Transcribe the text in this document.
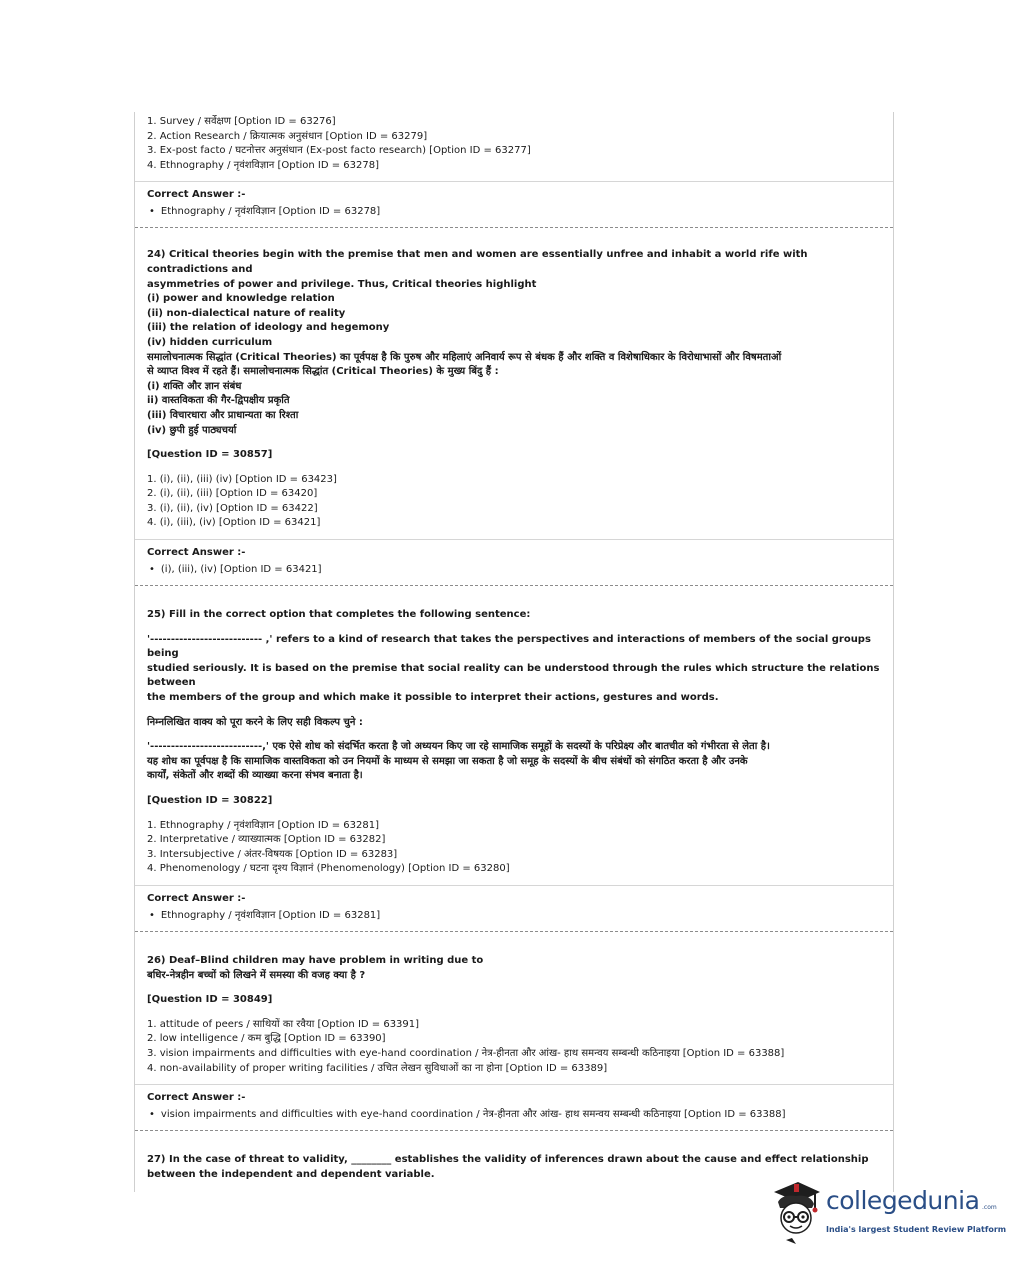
1. Survey / सर्वेक्षण [Option ID = 63276]
2. Action Research / क्रियात्मक अनुसंधान [Option ID = 63279]
3. Ex-post facto / घटनोत्तर अनुसंधान (Ex-post facto research) [Option ID = 63277]
4. Ethnography / नृवंशविज्ञान [Option ID = 63278]
Correct Answer :-
• Ethnography / नृवंशविज्ञान [Option ID = 63278]
24) Critical theories begin with the premise that men and women are essentially unfree and inhabit a world rife with contradictions and
asymmetries of power and privilege. Thus, Critical theories highlight
(i) power and knowledge relation
(ii) non-dialectical nature of reality
(iii) the relation of ideology and hegemony
(iv) hidden curriculum
समालोचनात्मक सिद्धांत (Critical Theories) का पूर्वपक्ष है कि पुरुष और महिलाएं अनिवार्य रूप से बंधक हैं और शक्ति व विशेषाधिकार के विरोधाभासों और विषमताओं
से व्याप्त विश्व में रहते हैं। समालोचनात्मक सिद्धांत (Critical Theories) के मुख्य बिंदु हैं :
(i) शक्ति और ज्ञान संबंध
ii) वास्तविकता की गैर-द्विपक्षीय प्रकृति
(iii) विचारधारा और प्राधान्यता का रिश्ता
(iv) छुपी हुई पाठ्यचर्या
[Question ID = 30857]
1. (i), (ii), (iii) (iv) [Option ID = 63423]
2. (i), (ii), (iii) [Option ID = 63420]
3. (i), (ii), (iv) [Option ID = 63422]
4. (i), (iii), (iv) [Option ID = 63421]
Correct Answer :-
• (i), (iii), (iv) [Option ID = 63421]
25) Fill in the correct option that completes the following sentence:
'--------------------------- ,' refers to a kind of research that takes the perspectives and interactions of members of the social groups being
studied seriously. It is based on the premise that social reality can be understood through the rules which structure the relations between
the members of the group and which make it possible to interpret their actions, gestures and words.
निम्नलिखित वाक्य को पूरा करने के लिए सही विकल्प चुने :
'---------------------------,' एक ऐसे शोध को संदर्भित करता है जो अध्ययन किए जा रहे सामाजिक समूहों के सदस्यों के परिप्रेक्ष्य और बातचीत को गंभीरता से लेता है।
यह शोध का पूर्वपक्ष है कि सामाजिक वास्तविकता को उन नियमों के माध्यम से समझा जा सकता है जो समूह के सदस्यों के बीच संबंधों को संगठित करता है और उनके
कार्यों, संकेतों और शब्दों की व्याख्या करना संभव बनाता है।
[Question ID = 30822]
1. Ethnography / नृवंशविज्ञान [Option ID = 63281]
2. Interpretative / व्याख्यात्मक [Option ID = 63282]
3. Intersubjective / अंतर-विषयक [Option ID = 63283]
4. Phenomenology / घटना दृश्य विज्ञानं (Phenomenology) [Option ID = 63280]
Correct Answer :-
• Ethnography / नृवंशविज्ञान [Option ID = 63281]
26) Deaf–Blind children may have problem in writing due to
बधिर-नेत्रहीन बच्चों को लिखने में समस्या की वजह क्या है ?
[Question ID = 30849]
1. attitude of peers / साथियों का रवैया [Option ID = 63391]
2. low intelligence / कम बुद्धि [Option ID = 63390]
3. vision impairments and difficulties with eye-hand coordination / नेत्र-हीनता और आंख- हाथ समन्वय सम्बन्धी कठिनाइया [Option ID = 63388]
4. non-availability of proper writing facilities / उचित लेखन सुविधाओं का ना होना [Option ID = 63389]
Correct Answer :-
• vision impairments and difficulties with eye-hand coordination / नेत्र-हीनता और आंख- हाथ समन्वय सम्बन्धी कठिनाइया [Option ID = 63388]
27) In the case of threat to validity, ________ establishes the validity of inferences drawn about the cause and effect relationship
between the independent and dependent variable.
collegedunia .com
India's largest Student Review Platform
